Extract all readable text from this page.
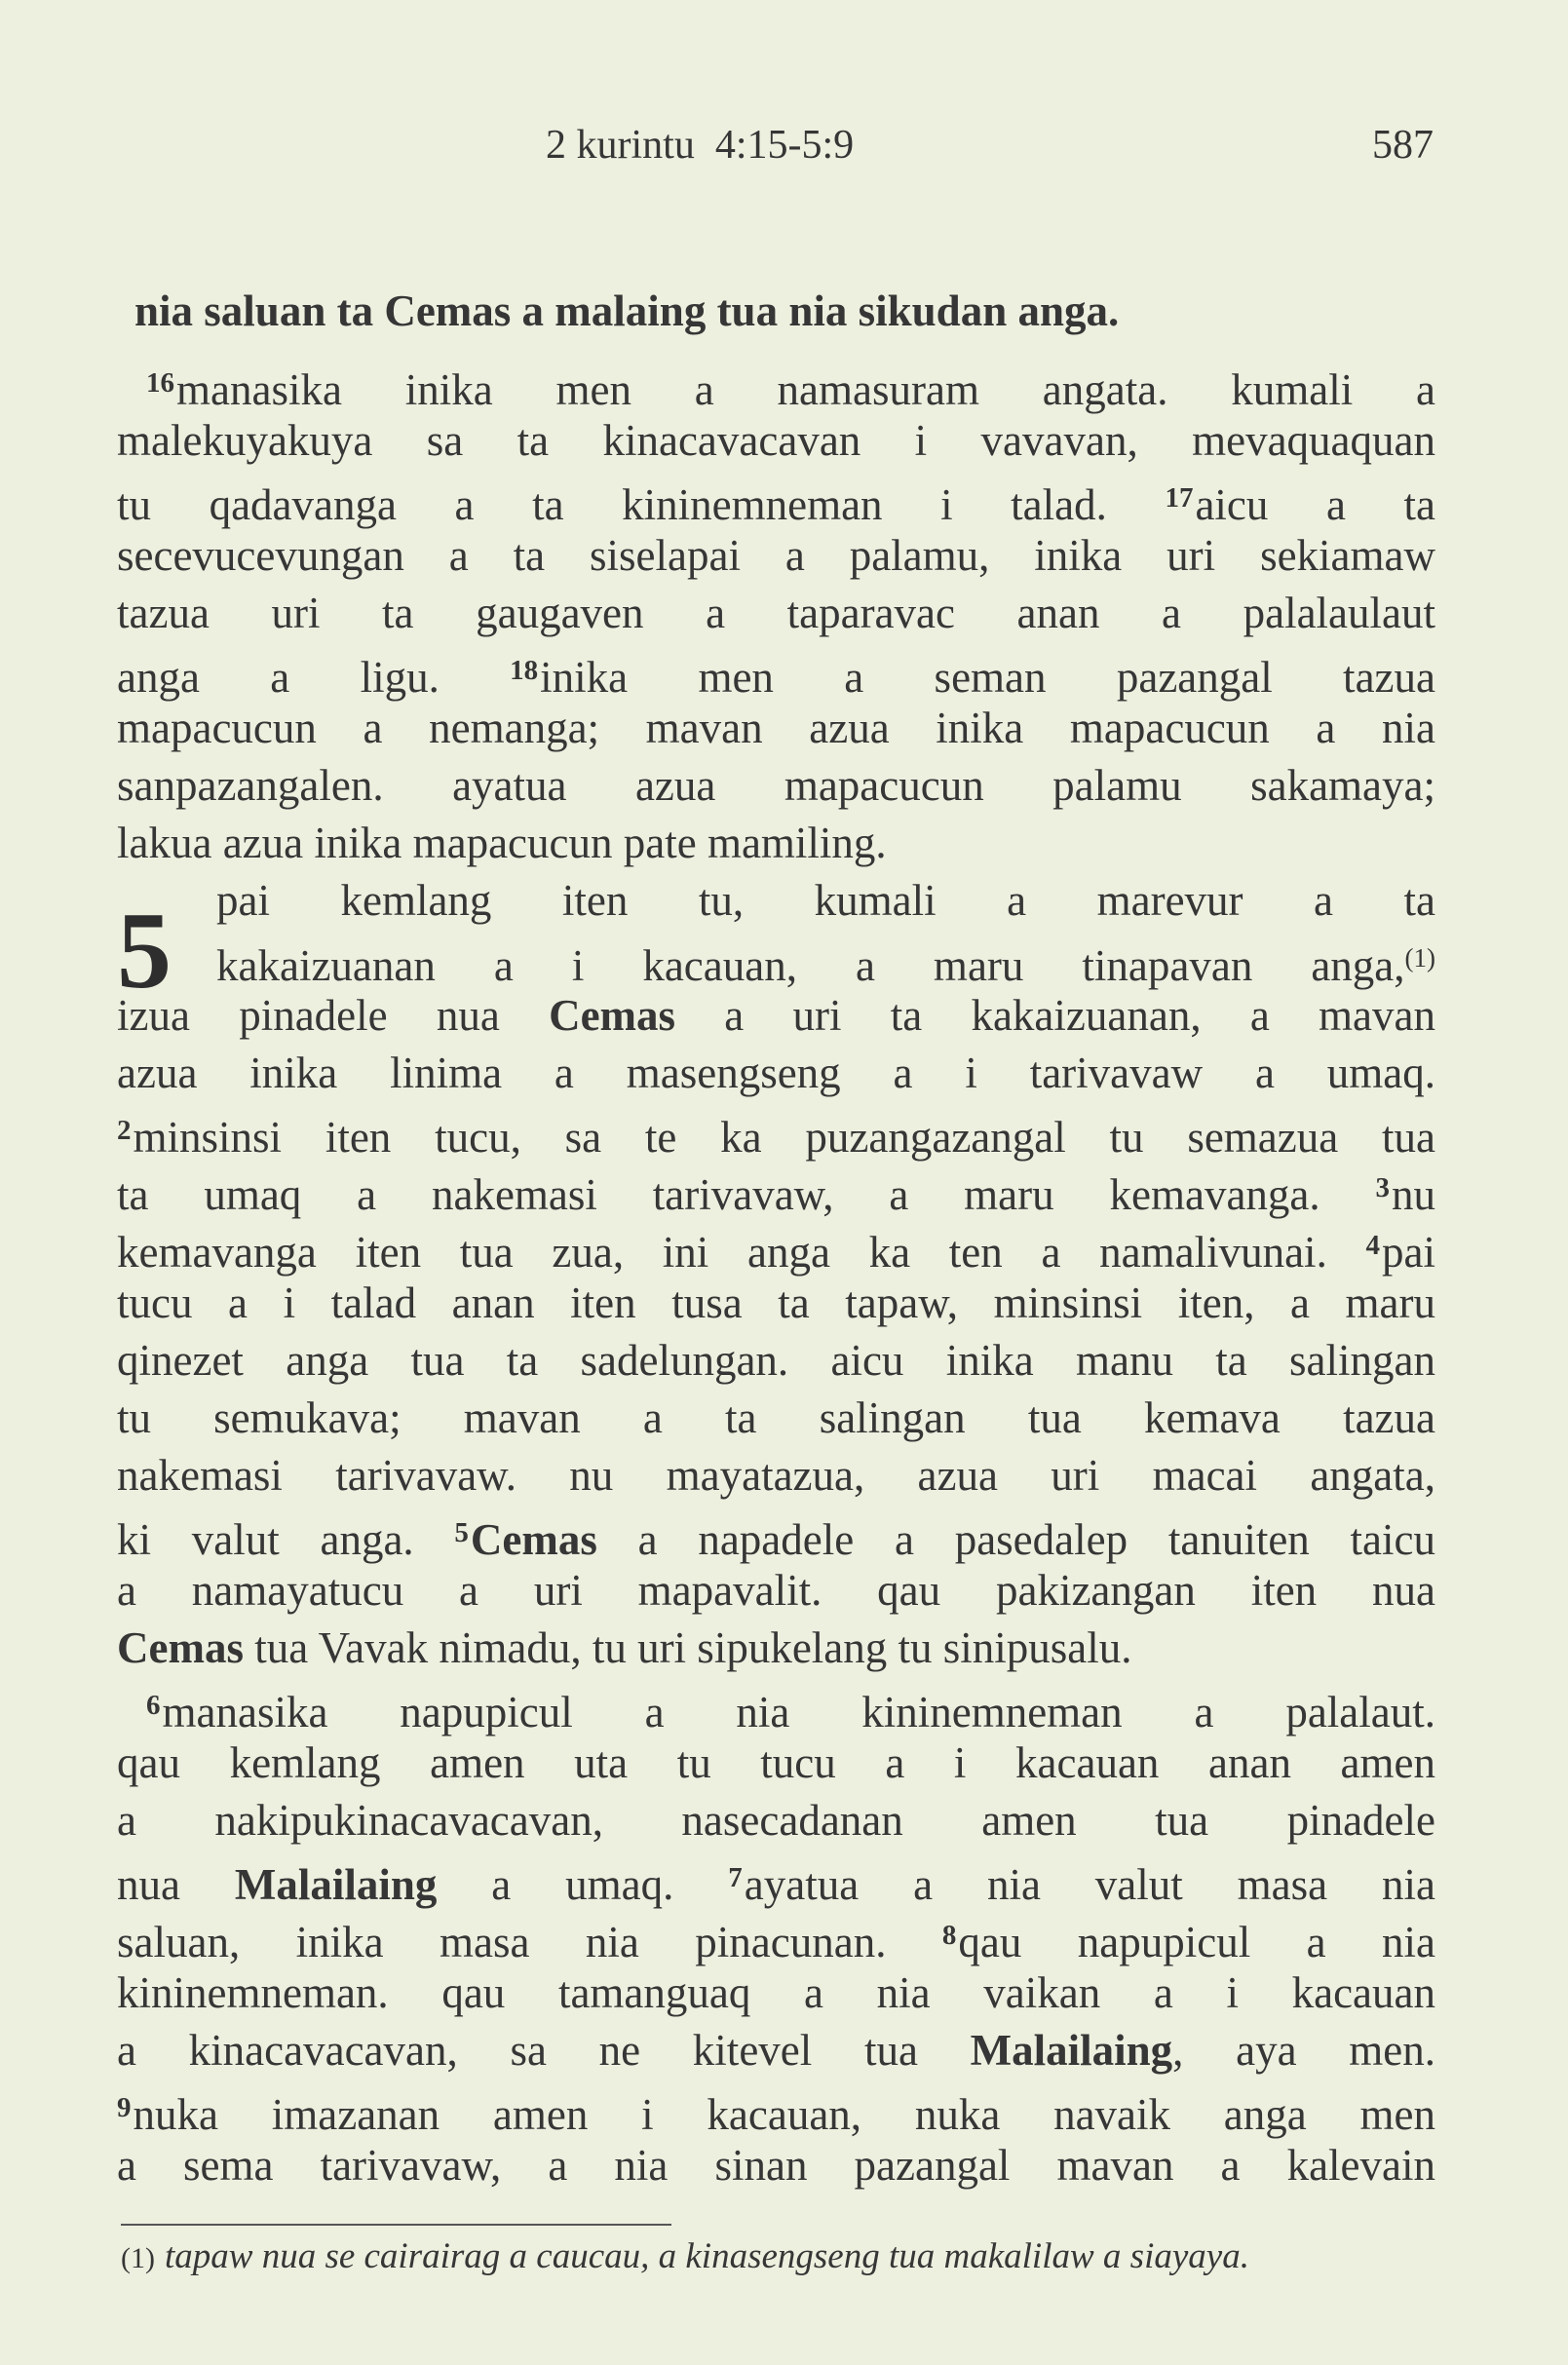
2 kurintu  4:15-5:9	587
nia saluan ta Cemas a malaing tua nia sikudan anga.
$^{16}$manasika inika men a namasuram angata. kumali a
malekuyakuya sa ta kinacavacavan i vavavan, mevaquaquan
tu qadavanga a ta kininemneman i talad. $^{17}$aicu a ta
secevucevungan a ta siselapai a palamu, inika uri sekiamaw
tazua uri ta gaugaven a taparavac anan a palalaulaut
anga a ligu. $^{18}$inika men a seman pazangal tazua
mapacucun a nemanga; mavan azua inika mapacucun a nia
sanpazangalen. ayatua azua mapacucun palamu sakamaya;
lakua azua inika mapacucun pate mamiling.
5 pai kemlang iten tu, kumali a marevur a ta
kakaizuanan a i kacauan, a maru tinapavan anga,$^{(1)}$
izua pinadele nua Cemas a uri ta kakaizuanan, a mavan
azua inika linima a masengseng a i tarivavaw a umaq.
$^2$minsinsi iten tucu, sa te ka puzangazangal tu semazua tua
ta umaq a nakemasi tarivavaw, a maru kemavanga. $^3$nu
kemavanga iten tua zua, ini anga ka ten a namalivunai. $^4$pai
tucu a i talad anan iten tusa ta tapaw, minsinsi iten, a maru
qinezet anga tua ta sadelungan. aicu inika manu ta salingan
tu semukava; mavan a ta salingan tua kemava tazua
nakemasi tarivavaw. nu mayatazua, azua uri macai angata,
ki valut anga. $^5$Cemas a napadele a pasedalep tanuiten taicu
a namayatucu a uri mapavalit. qau pakizangan iten nua
Cemas tua Vavak nimadu, tu uri sipukelang tu sinipusalu.
$^6$manasika napupicul a nia kininemneman a palalaut.
qau kemlang amen uta tu tucu a i kacauan anan amen
a nakipukinacavacavan, nasecadanan amen tua pinadele
nua Malailaing a umaq. $^7$ayatua a nia valut masa nia
saluan, inika masa nia pinacunan. $^8$qau napupicul a nia
kininemneman. qau tamanguaq a nia vaikan a i kacauan
a kinacavacavan, sa ne kitevel tua Malailaing, aya men.
$^9$nuka imazanan amen i kacauan, nuka navaik anga men
a sema tarivavaw, a nia sinan pazangal mavan a kalevain
(1) tapaw nua se cairairag a caucau, a kinasengseng tua makalilaw a siayaya.
